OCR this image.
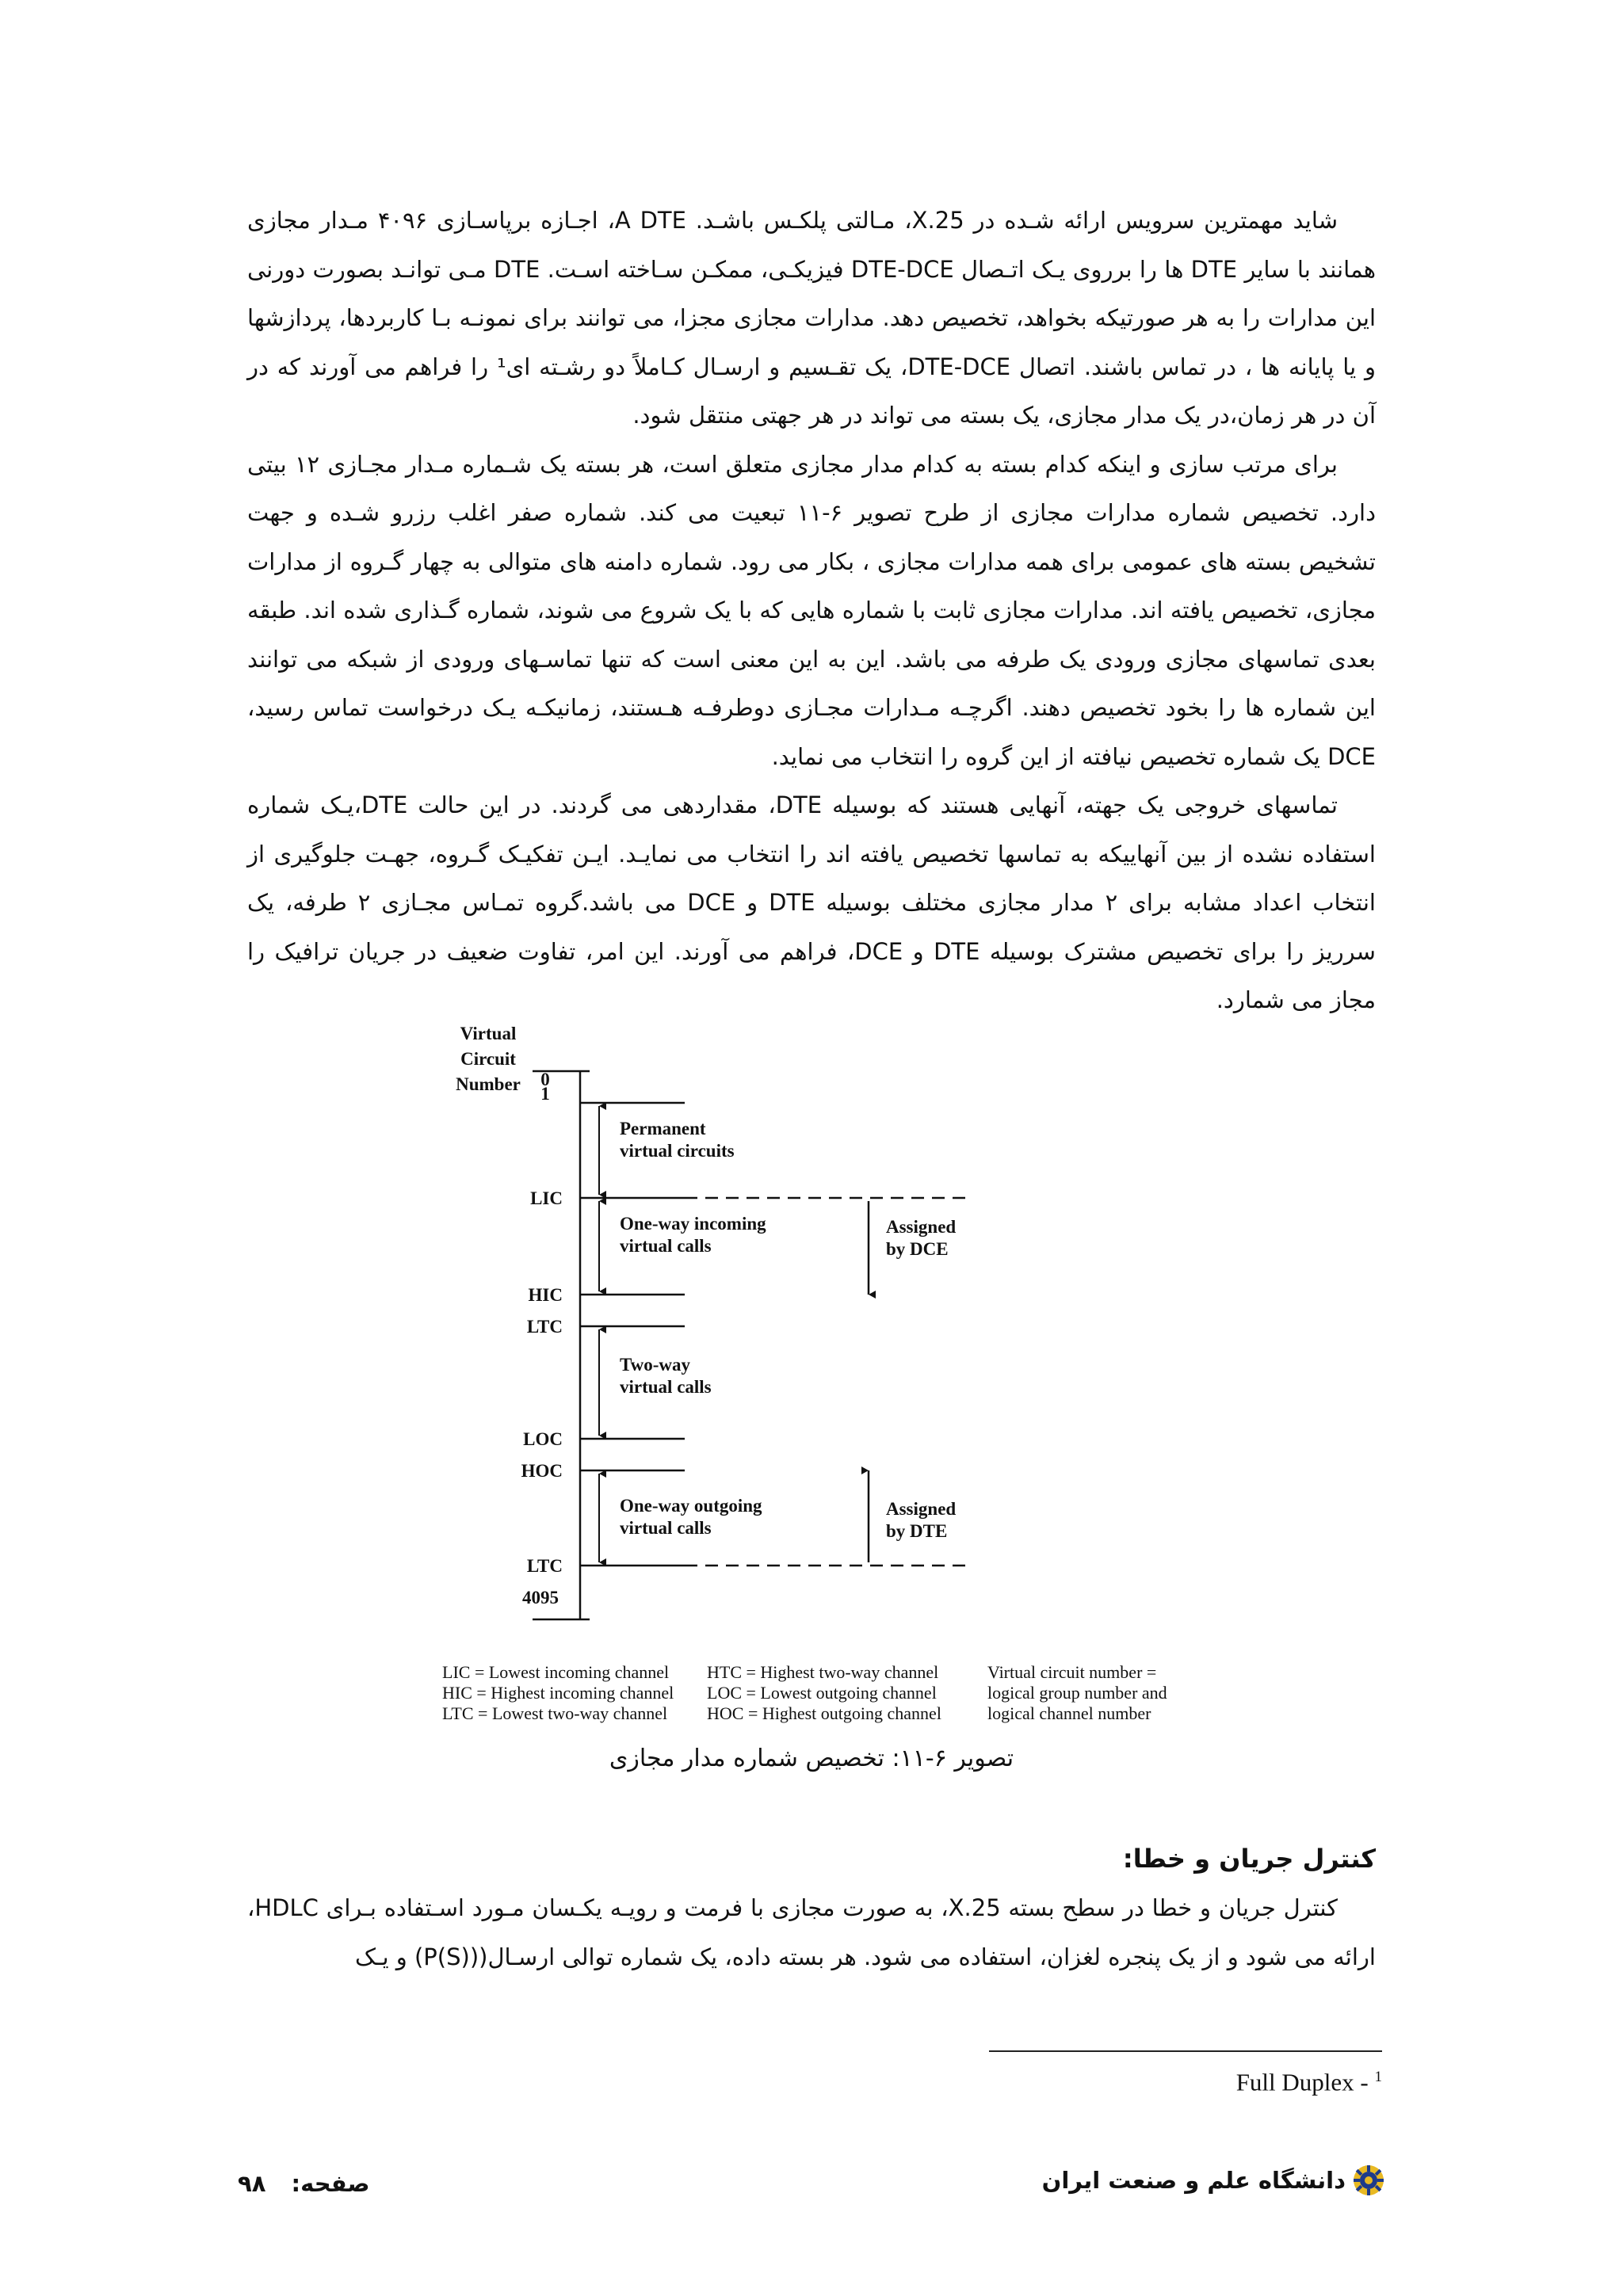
شاید مهمترین سرویس ارائه شـده در X.25، مـالتی پلکـس باشـد. A DTE، اجـازه برپاسـازی ۴۰۹۶ مـدار مجازی همانند با سایر DTE ها را برروی یـک اتـصال DTE-DCE فیزیکـی، ممکـن سـاخته اسـت. DTE مـی توانـد بصورت دورنی این مدارات را به هر صورتیکه بخواهد، تخصیص دهد. مدارات مجازی مجزا، می توانند برای نمونـه بـا کاربردها، پردازشها و یا پایانه ها ، در تماس باشند. اتصال DTE-DCE، یک تقـسیم و ارسـال کـاملاً دو رشـته ای¹ را فراهم می آورند که در آن در هر زمان،در یک مدار مجازی، یک بسته می تواند در هر جهتی منتقل شود.

برای مرتب سازی و اینکه کدام بسته به کدام مدار مجازی متعلق است، هر بسته یک شـماره مـدار مجـازی ۱۲ بیتی دارد. تخصیص شماره مدارات مجازی از طرح تصویر ۶-۱۱ تبعیت می کند. شماره صفر اغلب رزرو شـده و جهت تشخیص بسته های عمومی برای همه مدارات مجازی ، بکار می رود. شماره دامنه های متوالی به چهار گـروه از مدارات مجازی، تخصیص یافته اند. مدارات مجازی ثابت با شماره هایی که با یک شروع می شوند، شماره گـذاری شده اند. طبقه بعدی تماسهای مجازی ورودی یک طرفه می باشد. این به این معنی است که تنها تماسـهای ورودی از شبکه می توانند این شماره ها را بخود تخصیص دهند. اگرچـه مـدارات مجـازی دوطرفـه هـستند، زمانیکـه یـک درخواست تماس رسید، DCE یک شماره تخصیص نیافته از این گروه را انتخاب می نماید.

تماسهای خروجی یک جهته، آنهایی هستند که بوسیله DTE، مقداردهی می گردند. در این حالت DTE،یـک شماره استفاده نشده از بین آنهاییکه به تماسها تخصیص یافته اند را انتخاب می نمایـد. ایـن تفکیـک گـروه، جهـت جلوگیری از انتخاب اعداد مشابه برای ۲ مدار مجازی مختلف بوسیله DTE و DCE می باشد.گروه تمـاس مجـازی ۲ طرفه، یک سرریز را برای تخصیص مشترک بوسیله DTE و DCE، فراهم می آورند. این امر، تفاوت ضعیف در جریان ترافیک را مجاز می شمارد.

Virtual
Circuit
Number 0
1
LIC
HIC
LTC
LOC
HOC
LTC
4095
Permanent
virtual circuits
One-way incoming
virtual calls
Two-way
virtual calls
One-way outgoing
virtual calls
Assigned
by DCE
Assigned
by DTE
LIC = Lowest incoming channel
HIC = Highest incoming channel
LTC = Lowest two-way channel
HTC = Highest two-way channel
LOC = Lowest outgoing channel
HOC = Highest outgoing channel
Virtual circuit number =
logical group number and
logical channel number
تصویر ۶-۱۱: تخصیص شماره مدار مجازی
کنترل جریان و خطا:

کنترل جریان و خطا در سطح بسته X.25، به صورت مجازی با فرمت و رویـه یکـسان مـورد اسـتفاده بـرای HDLC، ارائه می شود و از یک پنجره لغزان، استفاده می شود. هر بسته داده، یک شماره توالی ارسـال((P(S)) و یـک

Full Duplex - $^1$
صفحه: ۹۸	دانشگاه علم و صنعت ایران
